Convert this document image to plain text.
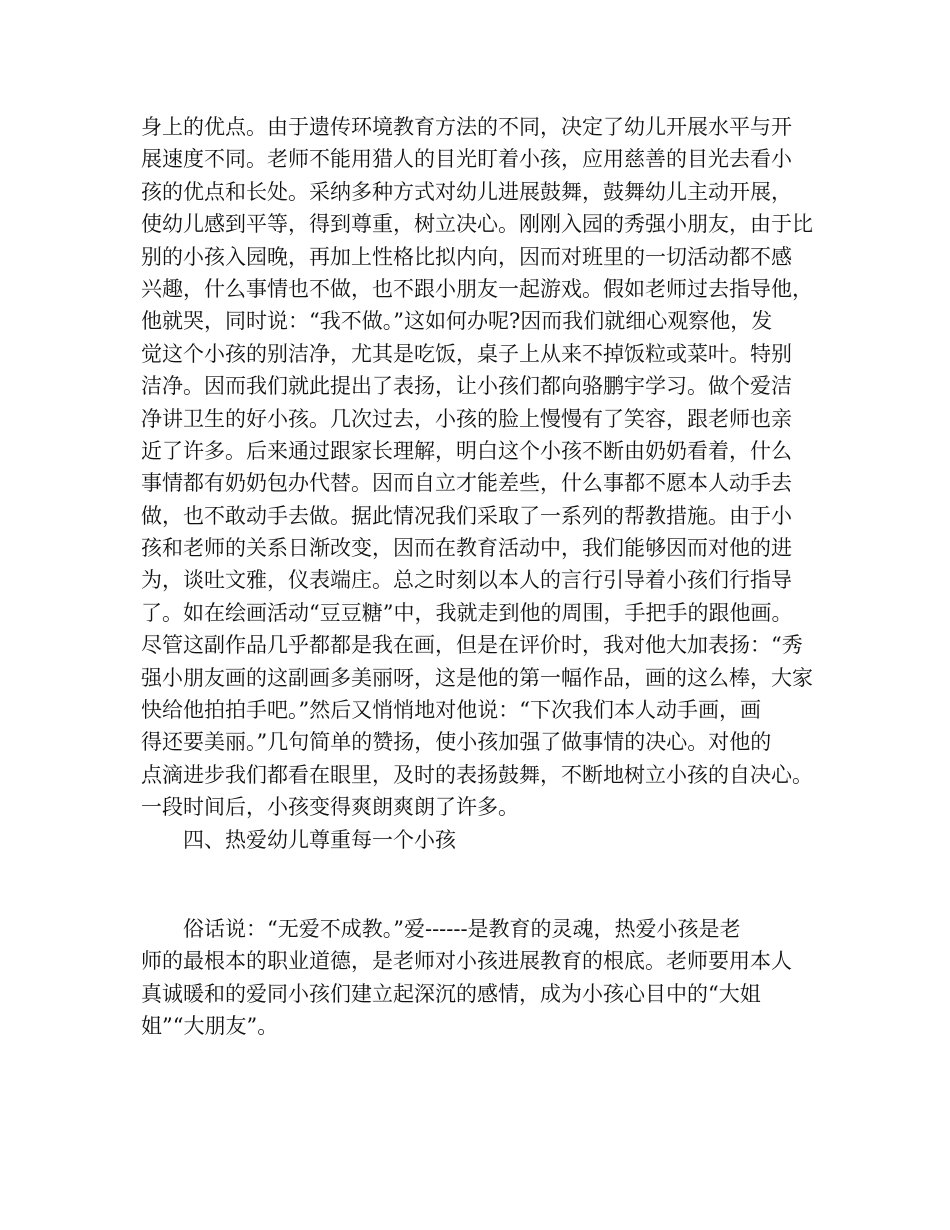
身上的优点。由于遗传环境教育方法的不同，决定了幼儿开展水平与开

展速度不同。老师不能用猎人的目光盯着小孩，应用慈善的目光去看小

孩的优点和长处。采纳多种方式对幼儿进展鼓舞，鼓舞幼儿主动开展，

使幼儿感到平等，得到尊重，树立决心。刚刚入园的秀强小朋友，由于比

别的小孩入园晚，再加上性格比拟内向，因而对班里的一切活动都不感

兴趣，什么事情也不做，也不跟小朋友一起游戏。假如老师过去指导他，

他就哭，同时说：“我不做。”这如何办呢?因而我们就细心观察他，发

觉这个小孩的别洁净，尤其是吃饭，桌子上从来不掉饭粒或菜叶。特别

洁净。因而我们就此提出了表扬，让小孩们都向骆鹏宇学习。做个爱洁

净讲卫生的好小孩。几次过去，小孩的脸上慢慢有了笑容，跟老师也亲

近了许多。后来通过跟家长理解，明白这个小孩不断由奶奶看着，什么

事情都有奶奶包办代替。因而自立才能差些，什么事都不愿本人动手去

做，也不敢动手去做。据此情况我们采取了一系列的帮教措施。由于小

孩和老师的关系日渐改变，因而在教育活动中，我们能够因而对他的进

为，谈吐文雅，仪表端庄。总之时刻以本人的言行引导着小孩们行指导

了。如在绘画活动“豆豆糖”中，我就走到他的周围，手把手的跟他画。

尽管这副作品几乎都都是我在画，但是在评价时，我对他大加表扬：“秀

强小朋友画的这副画多美丽呀，这是他的第一幅作品，画的这么棒，大家

快给他拍拍手吧。”然后又悄悄地对他说：“下次我们本人动手画，画

得还要美丽。”几句简单的赞扬，使小孩加强了做事情的决心。对他的

点滴进步我们都看在眼里，及时的表扬鼓舞，不断地树立小孩的自决心。

一段时间后，小孩变得爽朗爽朗了许多。

四、热爱幼儿尊重每一个小孩

俗话说：“无爱不成教。”爱------是教育的灵魂，热爱小孩是老

师的最根本的职业道德，是老师对小孩进展教育的根底。老师要用本人

真诚暖和的爱同小孩们建立起深沉的感情，成为小孩心目中的“大姐

姐”“大朋友”。
